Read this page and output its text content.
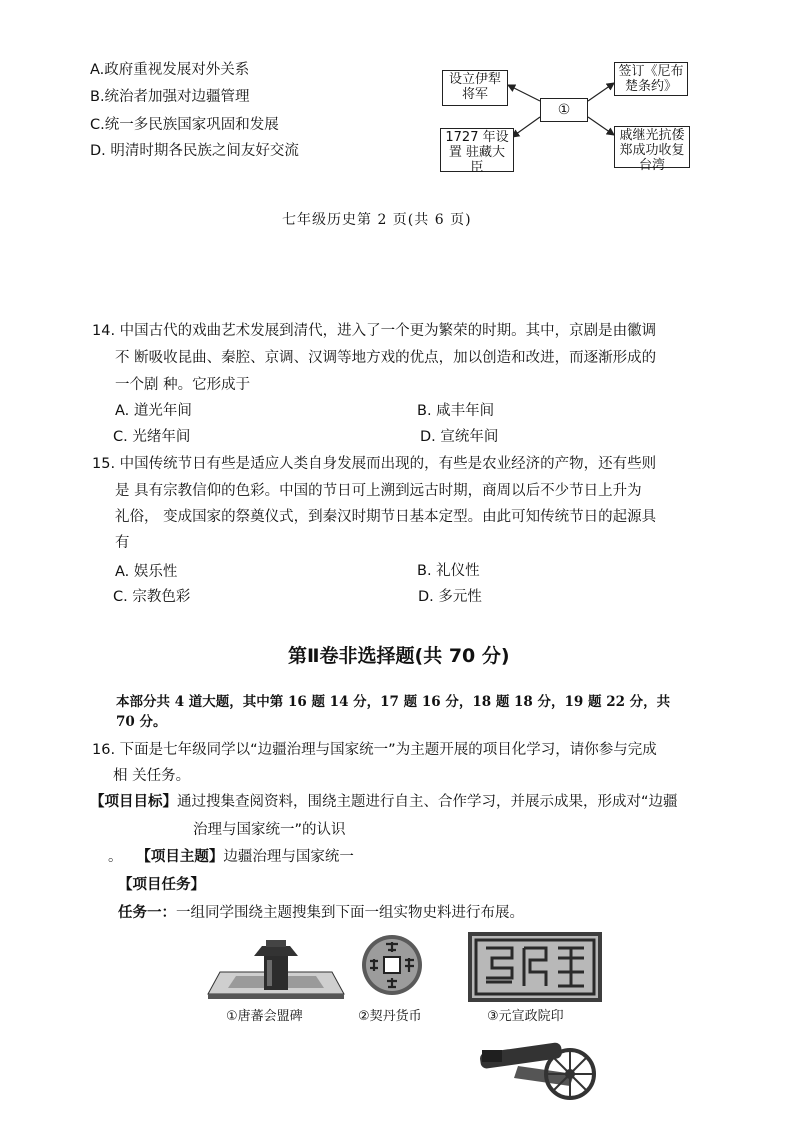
A.政府重视发展对外关系
B.统治者加强对边疆管理
C.统一多民族国家巩固和发展
D. 明清时期各民族之间友好交流
设立伊犁将军
①
1727 年设置 驻藏大臣
签订《尼布 楚条约》
戚继光抗倭郑成功收复台湾
七年级历史第 2 页(共 6 页)
14. 中国古代的戏曲艺术发展到清代，进入了一个更为繁荣的时期。其中，京剧是由徽调
不 断吸收昆曲、秦腔、京调、汉调等地方戏的优点，加以创造和改进，而逐渐形成的
一个剧 种。它形成于
A. 道光年间	B. 咸丰年间
C. 光绪年间	D. 宣统年间
15. 中国传统节日有些是适应人类自身发展而出现的，有些是农业经济的产物，还有些则
是 具有宗教信仰的色彩。中国的节日可上溯到远古时期，商周以后不少节日上升为
礼俗， 变成国家的祭奠仪式，到秦汉时期节日基本定型。由此可知传统节日的起源具
有
A. 娱乐性	B. 礼仪性
C. 宗教色彩	D. 多元性
第Ⅱ卷非选择题(共 70 分)
本部分共 4 道大题，其中第 16 题 14 分，17 题 16 分，18 题 18 分，19 题 22 分，共
70 分。
16. 下面是七年级同学以“边疆治理与国家统一”为主题开展的项目化学习，请你参与完成
相 关任务。
【项目目标】通过搜集查阅资料，围绕主题进行自主、合作学习，并展示成果，形成对“边疆
治理与国家统一”的认识
。 【项目主题】边疆治理与国家统一
【项目任务】
任务一：一组同学围绕主题搜集到下面一组实物史料进行布展。
①唐蕃会盟碑	②契丹货币	③元宣政院印
